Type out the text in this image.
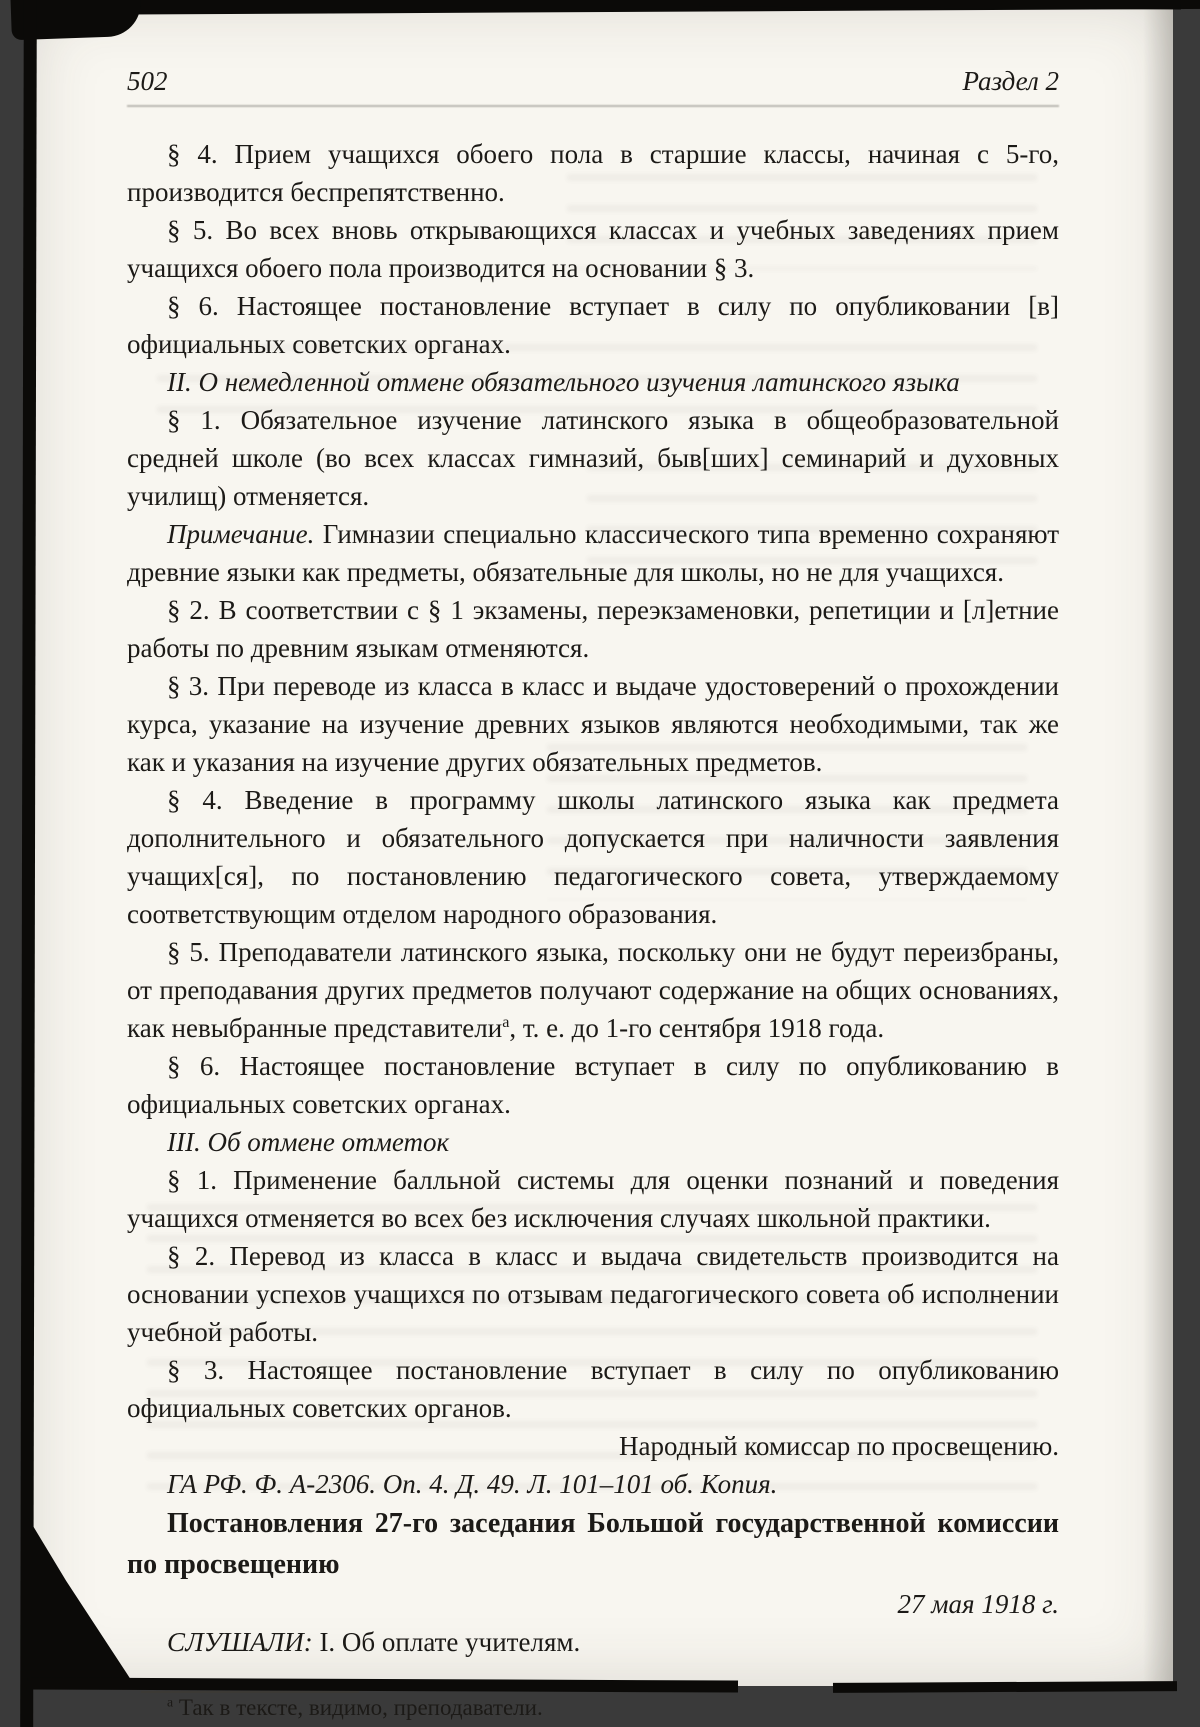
502	Раздел 2

§ 4. Прием учащихся обоего пола в старшие классы, начиная с 5-го, производится беспрепятственно.

§ 5. Во всех вновь открывающихся классах и учебных заведениях прием учащихся обоего пола производится на основании § 3.

§ 6. Настоящее постановление вступает в силу по опубликовании [в] официальных советских органах.

II. О немедленной отмене обязательного изучения латинского языка

§ 1. Обязательное изучение латинского языка в общеобразовательной средней школе (во всех классах гимназий, быв[ших] семинарий и духовных училищ) отменяется.

Примечание. Гимназии специально классического типа временно сохраняют древние языки как предметы, обязательные для школы, но не для учащихся.

§ 2. В соответствии с § 1 экзамены, переэкзаменовки, репетиции и [л]етние работы по древним языкам отменяются.

§ 3. При переводе из класса в класс и выдаче удостоверений о прохождении курса, указание на изучение древних языков являются необходимыми, так же как и указания на изучение других обязательных предметов.

§ 4. Введение в программу школы латинского языка как предмета дополнительного и обязательного допускается при наличности заявления учащих[ся], по постановлению педагогического совета, утверждаемому соответствующим отделом народного образования.

§ 5. Преподаватели латинского языка, поскольку они не будут переизбраны, от преподавания других предметов получают содержание на общих основаниях, как невыбранные представители$^а$, т. е. до 1-го сентября 1918 года.

§ 6. Настоящее постановление вступает в силу по опубликованию в официальных советских органах.

III. Об отмене отметок

§ 1. Применение балльной системы для оценки познаний и поведения учащихся отменяется во всех без исключения случаях школьной практики.

§ 2. Перевод из класса в класс и выдача свидетельств производится на основании успехов учащихся по отзывам педагогического совета об исполнении учебной работы.

§ 3. Настоящее постановление вступает в силу по опубликованию официальных советских органов.

Народный комиссар по просвещению.

ГА РФ. Ф. А-2306. Оп. 4. Д. 49. Л. 101–101 об. Копия.

Постановления 27-го заседания Большой государственной комиссии по просвещению

27 мая 1918 г.

СЛУШАЛИ: I. Об оплате учителям.

$^а$ Так в тексте, видимо, преподаватели.
